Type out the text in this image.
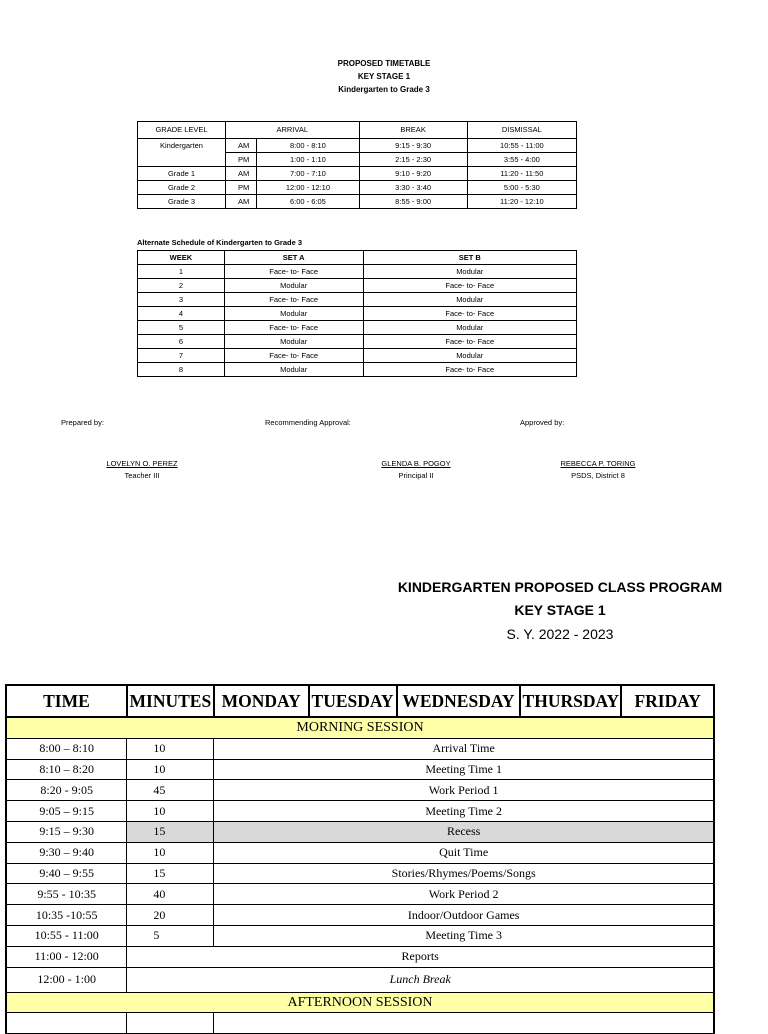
PROPOSED TIMETABLE
KEY STAGE 1
Kindergarten to Grade 3
GRADE LEVEL	ARRIVAL		BREAK	DISMISSAL
Kindergarten	AM	8:00 - 8:10	9:15 - 9:30	10:55 - 11:00
	PM	1:00 - 1:10	2:15 - 2:30	3:55 - 4:00
Grade 1	AM	7:00 - 7:10	9:10 - 9:20	11:20 - 11:50
Grade 2	PM	12:00 - 12:10	3:30 - 3:40	5:00 - 5:30
Grade 3	AM	6:00 - 6:05	8:55 - 9:00	11:20 - 12:10
Alternate Schedule of Kindergarten to Grade 3
WEEK	SET A	SET B
1	Face- to- Face	Modular
2	Modular	Face- to- Face
3	Face- to- Face	Modular
4	Modular	Face- to- Face
5	Face- to- Face	Modular
6	Modular	Face- to- Face
7	Face- to- Face	Modular
8	Modular	Face- to- Face
Prepared by:	Recommending Approval:	Approved by:
LOVELYN O. PEREZ
Teacher III
GLENDA B. POGOY
Principal II
REBECCA P. TORING
PSDS, District 8
KINDERGARTEN PROPOSED CLASS PROGRAM
KEY STAGE 1
S. Y. 2022 - 2023
TIME	MINUTES	MONDAY	TUESDAY	WEDNESDAY	THURSDAY	FRIDAY
MORNING SESSION						
8:00 – 8:10	10	Arrival Time				
8:10 – 8:20	10	Meeting Time 1				
8:20 - 9:05	45	Work Period 1				
9:05 – 9:15	10	Meeting Time 2				
9:15 – 9:30	15	Recess				
9:30 – 9:40	10	Quit Time				
9:40 – 9:55	15	Stories/Rhymes/Poems/Songs				
9:55 - 10:35	40	Work Period 2				
10:35 -10:55	20	Indoor/Outdoor Games				
10:55 - 11:00	5	Meeting Time 3				
11:00 - 12:00	Reports					
12:00 - 1:00	Lunch Break					
AFTERNOON SESSION						
